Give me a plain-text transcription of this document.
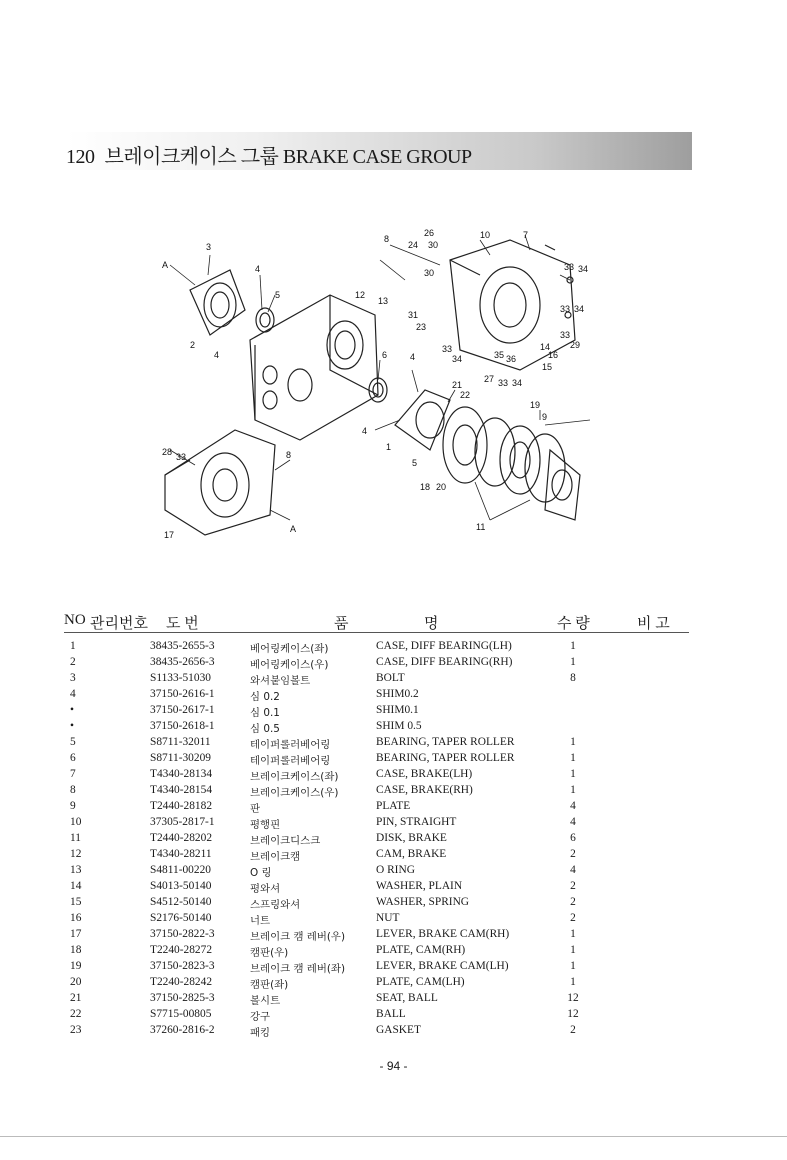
120 브레이크케이스 그룹 BRAKE CASE GROUP
3
4
5
A
2
4
12
13
8
24 30
26	10	7
33 34
30
31
23
33 34
33
29
14
16
15
6	4
33
34	35 36
27 33 34
21
22
19
9
1
4
5
28 33	8
18 20
11
17
A
NO 관리번호 도 번	품	명	수 량	비 고
1	38435-2655-3	베어링케이스(좌)	CASE, DIFF BEARING(LH)	1
2	38435-2656-3	베어링케이스(우)	CASE, DIFF BEARING(RH)	1
3	S1133-51030	와셔붙임볼트	BOLT	8
4	37150-2616-1	심 0.2	SHIM0.2
•	37150-2617-1	심 0.1	SHIM0.1
•	37150-2618-1	심 0.5	SHIM 0.5
5	S8711-32011	테이퍼롤러베어링	BEARING, TAPER ROLLER	1
6	S8711-30209	테이퍼롤러베어링	BEARING, TAPER ROLLER	1
7	T4340-28134	브레이크케이스(좌)	CASE, BRAKE(LH)	1
8	T4340-28154	브레이크케이스(우)	CASE, BRAKE(RH)	1
9	T2440-28182	판	PLATE	4
10	37305-2817-1	평행핀	PIN, STRAIGHT	4
11	T2440-28202	브레이크디스크	DISK, BRAKE	6
12	T4340-28211	브레이크캠	CAM, BRAKE	2
13	S4811-00220	O 링	O RING	4
14	S4013-50140	평와셔	WASHER, PLAIN	2
15	S4512-50140	스프링와셔	WASHER, SPRING	2
16	S2176-50140	너트	NUT	2
17	37150-2822-3	브레이크 캠 레버(우)	LEVER, BRAKE CAM(RH)	1
18	T2240-28272	캠판(우)	PLATE, CAM(RH)	1
19	37150-2823-3	브레이크 캠 레버(좌)	LEVER, BRAKE CAM(LH)	1
20	T2240-28242	캠판(좌)	PLATE, CAM(LH)	1
21	37150-2825-3	볼시트	SEAT, BALL	12
22	S7715-00805	강구	BALL	12
23	37260-2816-2	패킹	GASKET	2
- 94 -
